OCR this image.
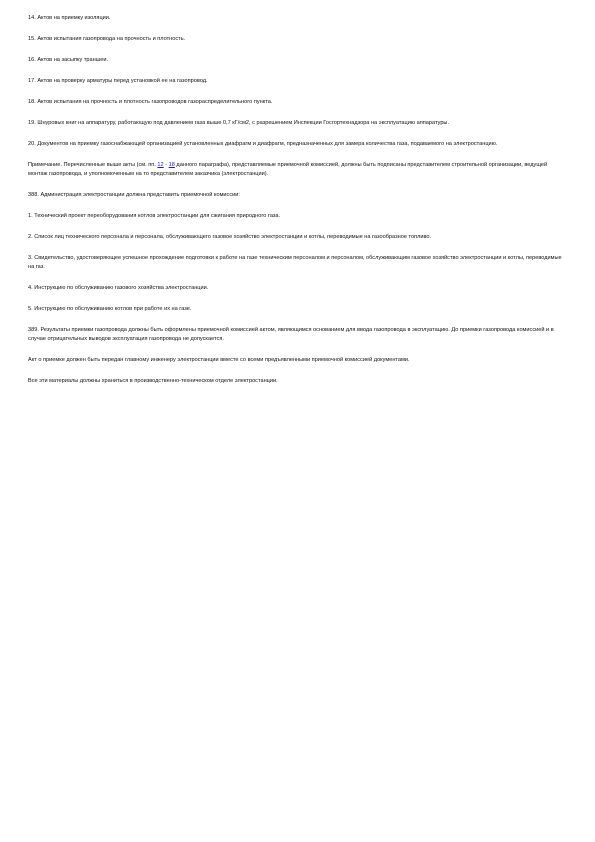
14. Актов на приемку изоляции.

15. Актов испытания газопровода на прочность и плотность.

16. Актов на засыпку траншеи.

17. Актов на проверку арматуры перед установкой ее на газопровод.

18. Актов испытания на прочность и плотность газопроводов газораспределительного пункта.

19. Шнуровых книг на аппаратуру, работающую под давлением газа выше 0,7 кГ/см2, с разрешением Инспекции Госгортехнадзора на эксплуатацию аппаратуры.

20. Документов на приемку газоснабжающей организацией установленных диафрагм и диафрагм, предназначенных для замера количества газа, подаваемого на электростанцию.

Примечание. Перечисленные выше акты (см. пп. 12 - 18 данного параграфа), представляемые приемочной комиссией, должны быть подписаны представителем строительной организации, ведущей монтаж газопровода, и уполномоченным на то представителем заказчика (электростанции).

388. Администрация электростанции должна представить приемочной комиссии:

1. Технический проект переоборудования котлов электростанции для сжигания природного газа.

2. Список лиц технического персонала и персонала, обслуживающего газовое хозяйство электростанции и котлы, переводимые на газообразное топливо.

3. Свидетельство, удостоверяющее успешное прохождение подготовки к работе на газе техническим персоналом и персоналом, обслуживающим газовое хозяйство электростанции и котлы, переводимые на газ.

4. Инструкцию по обслуживанию газового хозяйства электростанции.

5. Инструкцию по обслуживанию котлов при работе их на газе.

389. Результаты приемки газопровода должны быть оформлены приемочной комиссией актом, являющимся основанием для ввода газопровода в эксплуатацию. До приемки газопровода комиссией и в случае отрицательных выводов эксплуатация газопровода не допускается.

Акт о приемке должен быть передан главному инженеру электростанции вместе со всеми предъявленными приемочной комиссией документами.

Все эти материалы должны храниться в производственно-техническом отделе электростанции.
